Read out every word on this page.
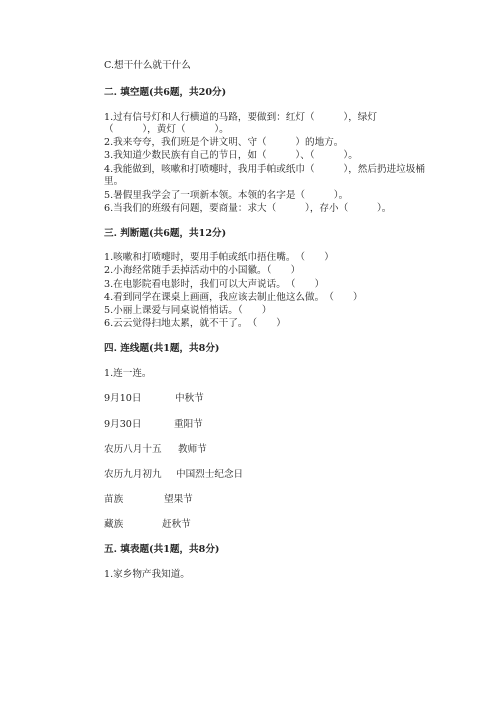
C.想干什么就干什么
二. 填空题(共6题，共20分)
1.过有信号灯和人行横道的马路，要做到：红灯（　　　），绿灯
（　　　），黄灯（　　　）。
2.我来夸夸，我们班是个讲文明、守（　　　）的地方。
3.我知道少数民族有自己的节日，如（　　　）、（　　　）。
4.我能做到，咳嗽和打喷嚏时，我用手帕或纸巾（　　　），然后扔进垃圾桶
里。
5.暑假里我学会了一项新本领。本领的名字是（　　　）。
6.当我们的班级有问题，要商量：求大（　　　），存小（　　　）。
三. 判断题(共6题，共12分)
1.咳嗽和打喷嚏时，要用手帕或纸巾捂住嘴。　（　　）
2.小海经常随手丢掉活动中的小国徽。（　　）
3.在电影院看电影时，我们可以大声说话。　（　　）
4.看到同学在课桌上画画，我应该去制止他这么做。　（　　）
5.小丽上课爱与同桌说悄悄话。（　　）
6.云云觉得扫地太累，就不干了。　（　　）
四. 连线题(共1题，共8分)
1.连一连。
9月10日	中秋节
9月30日	重阳节
农历八月十五 教师节
农历九月初九 中国烈士纪念日
苗族	望果节
藏族	赶秋节
五. 填表题(共1题，共8分)
1.家乡物产我知道。
